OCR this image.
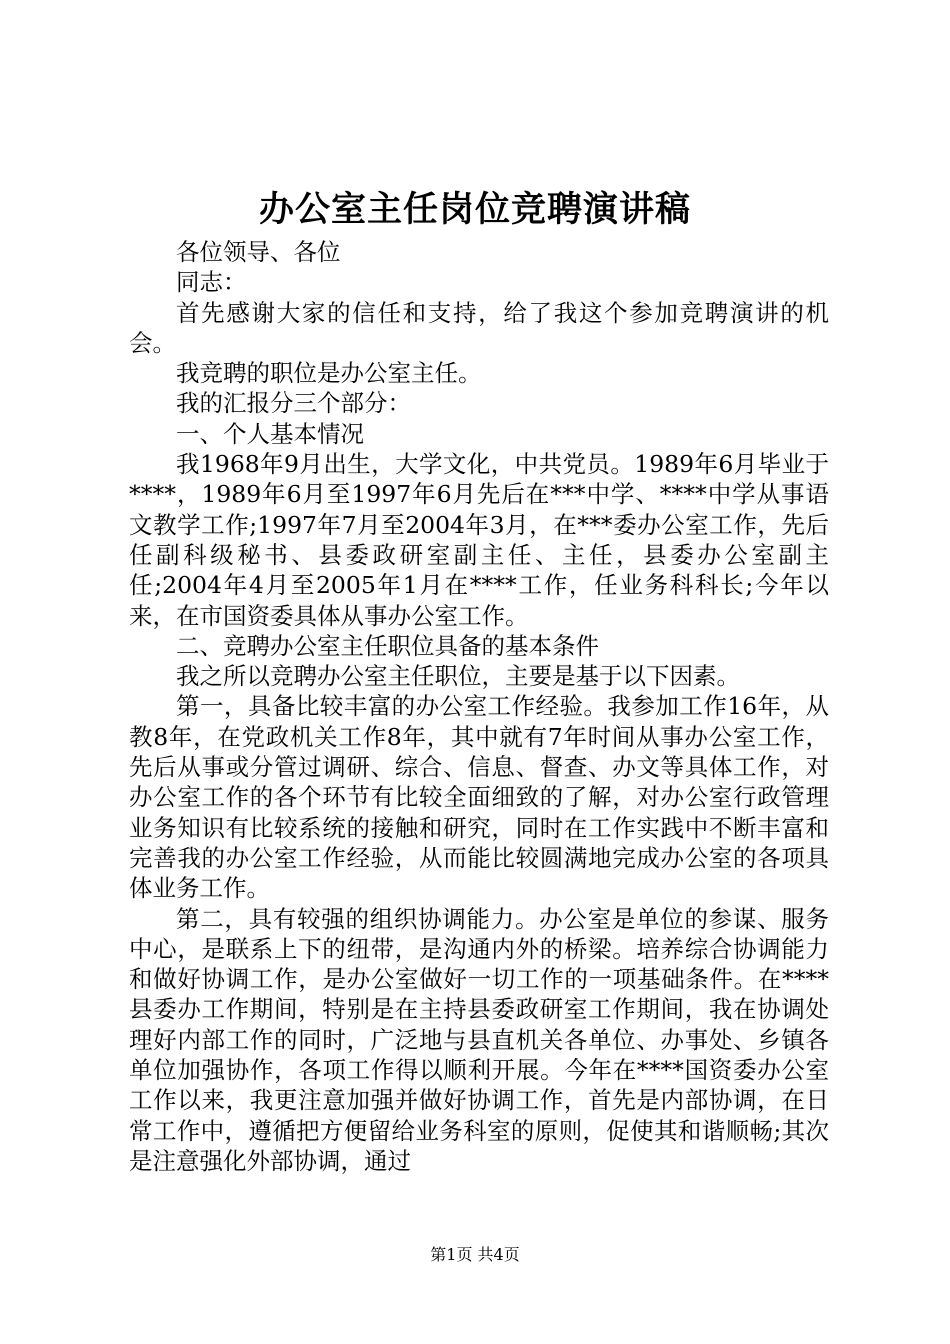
办公室主任岗位竞聘演讲稿

各位领导、各位

同志：

首先感谢大家的信任和支持，给了我这个参加竞聘演讲的机会。

我竞聘的职位是办公室主任。

我的汇报分三个部分：

一、个人基本情况

我1968年9月出生，大学文化，中共党员。1989年6月毕业于****，1989年6月至1997年6月先后在***中学、****中学从事语文教学工作;1997年7月至2004年3月，在***委办公室工作，先后任副科级秘书、县委政研室副主任、主任，县委办公室副主任;2004年4月至2005年1月在****工作，任业务科科长;今年以来，在市国资委具体从事办公室工作。

二、竞聘办公室主任职位具备的基本条件

我之所以竞聘办公室主任职位，主要是基于以下因素。

第一，具备比较丰富的办公室工作经验。我参加工作16年，从教8年，在党政机关工作8年，其中就有7年时间从事办公室工作，先后从事或分管过调研、综合、信息、督查、办文等具体工作，对办公室工作的各个环节有比较全面细致的了解，对办公室行政管理业务知识有比较系统的接触和研究，同时在工作实践中不断丰富和完善我的办公室工作经验，从而能比较圆满地完成办公室的各项具体业务工作。

第二，具有较强的组织协调能力。办公室是单位的参谋、服务中心，是联系上下的纽带，是沟通内外的桥梁。培养综合协调能力和做好协调工作，是办公室做好一切工作的一项基础条件。在****县委办工作期间，特别是在主持县委政研室工作期间，我在协调处理好内部工作的同时，广泛地与县直机关各单位、办事处、乡镇各单位加强协作，各项工作得以顺利开展。今年在****国资委办公室工作以来，我更注意加强并做好协调工作，首先是内部协调，在日常工作中，遵循把方便留给业务科室的原则，促使其和谐顺畅;其次是注意强化外部协调，通过

第1页 共4页
